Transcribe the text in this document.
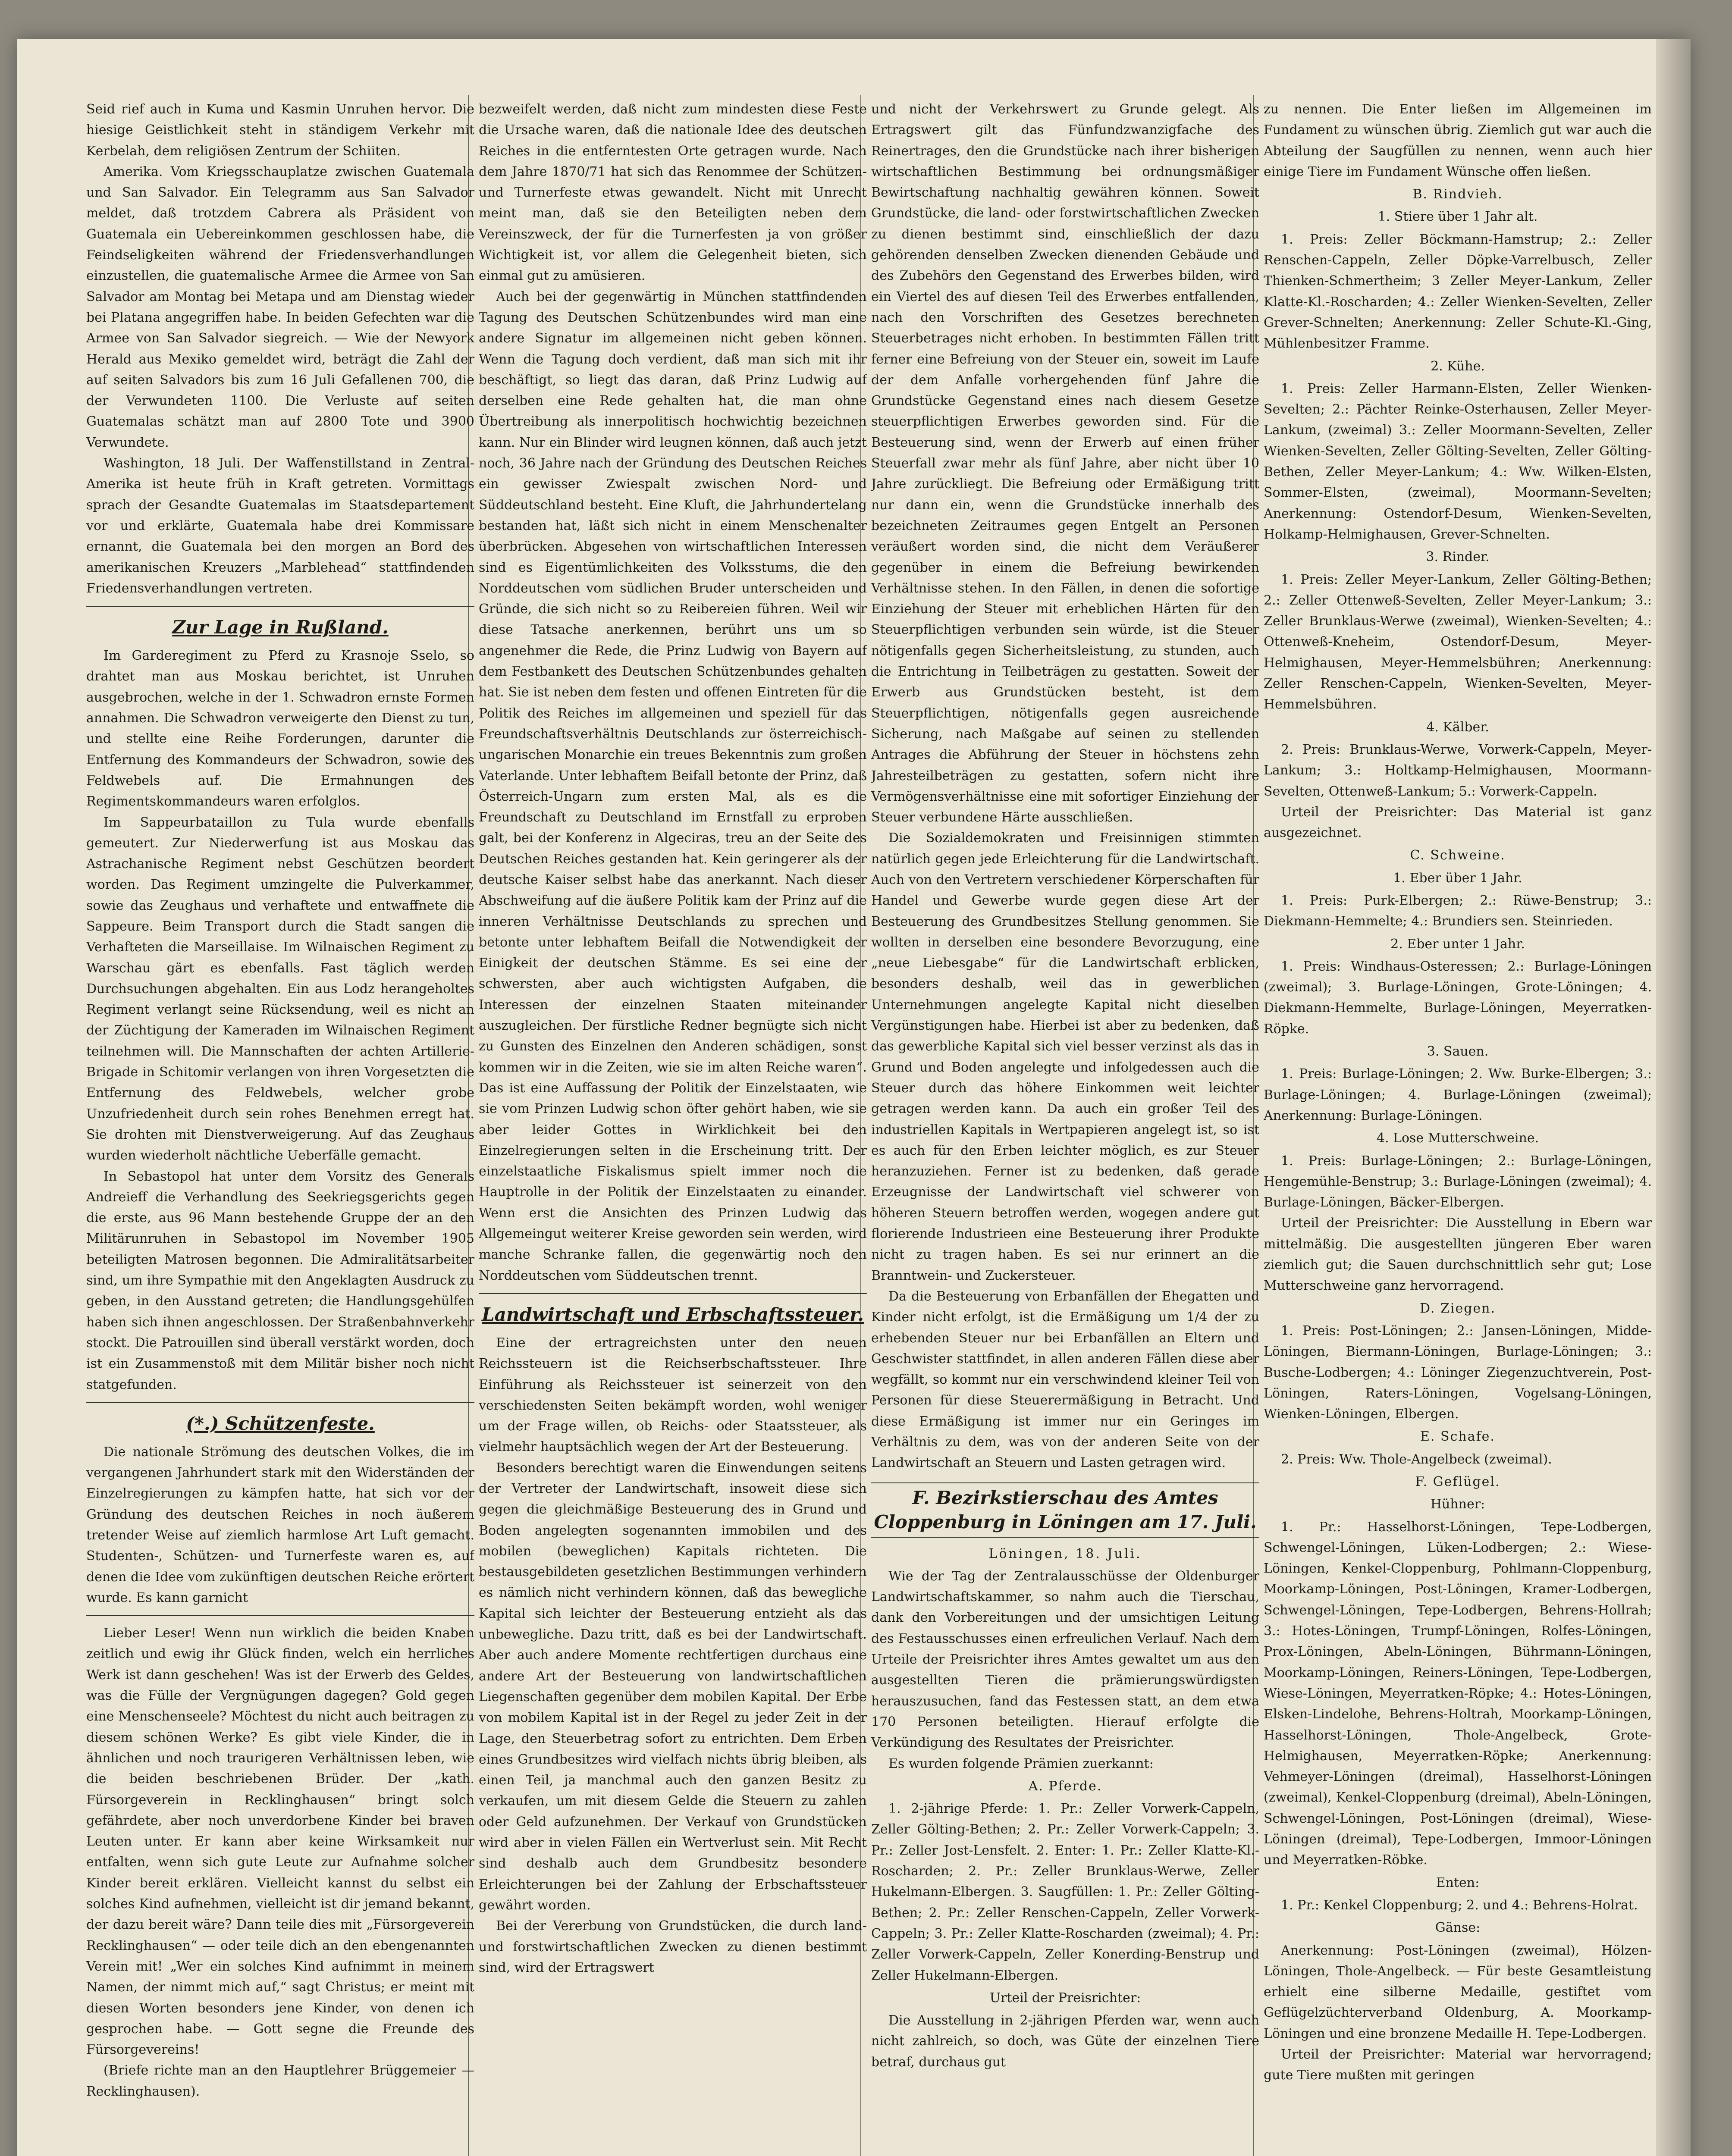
Seid rief auch in Kuma und Kasmin Unruhen hervor. Die hiesige Geistlichkeit steht in ständigem Verkehr mit Kerbelah, dem religiösen Zentrum der Schiiten.

Amerika. Vom Kriegsschauplatze zwischen Guatemala und San Salvador. Ein Telegramm aus San Salvador meldet, daß trotzdem Cabrera als Präsident von Guatemala ein Uebereinkommen geschlossen habe, die Feindseligkeiten während der Friedensverhandlungen einzustellen, die guatemalische Armee die Armee von San Salvador am Montag bei Metapa und am Dienstag wieder bei Platana angegriffen habe. In beiden Gefechten war die Armee von San Salvador siegreich. — Wie der Newyork Herald aus Mexiko gemeldet wird, beträgt die Zahl der auf seiten Salvadors bis zum 16 Juli Gefallenen 700, die der Verwundeten 1100. Die Verluste auf seiten Guatemalas schätzt man auf 2800 Tote und 3900 Verwundete.

Washington, 18 Juli. Der Waffenstillstand in Zentral-Amerika ist heute früh in Kraft getreten. Vormittags sprach der Gesandte Guatemalas im Staatsdepartement vor und erklärte, Guatemala habe drei Kommissare ernannt, die Guatemala bei den morgen an Bord des amerikanischen Kreuzers „Marblehead“ stattfindenden Friedensverhandlungen vertreten.

Zur Lage in Rußland.

Im Garderegiment zu Pferd zu Krasnoje Sselo, so drahtet man aus Moskau berichtet, ist Unruhen ausgebrochen, welche in der 1. Schwadron ernste Formen annahmen. Die Schwadron verweigerte den Dienst zu tun, und stellte eine Reihe Forderungen, darunter die Entfernung des Kommandeurs der Schwadron, sowie des Feldwebels auf. Die Ermahnungen des Regimentskommandeurs waren erfolglos.

Im Sappeurbataillon zu Tula wurde ebenfalls gemeutert. Zur Niederwerfung ist aus Moskau das Astrachanische Regiment nebst Geschützen beordert worden. Das Regiment umzingelte die Pulverkammer, sowie das Zeughaus und verhaftete und entwaffnete die Sappeure. Beim Transport durch die Stadt sangen die Verhafteten die Marseillaise. Im Wilnaischen Regiment zu Warschau gärt es ebenfalls. Fast täglich werden Durchsuchungen abgehalten. Ein aus Lodz herangeholtes Regiment verlangt seine Rücksendung, weil es nicht an der Züchtigung der Kameraden im Wilnaischen Regiment teilnehmen will. Die Mannschaften der achten Artillerie-Brigade in Schitomir verlangen von ihren Vorgesetzten die Entfernung des Feldwebels, welcher grobe Unzufriedenheit durch sein rohes Benehmen erregt hat. Sie drohten mit Dienstverweigerung. Auf das Zeughaus wurden wiederholt nächtliche Ueberfälle gemacht.

In Sebastopol hat unter dem Vorsitz des Generals Andreieff die Verhandlung des Seekriegsgerichts gegen die erste, aus 96 Mann bestehende Gruppe der an den Militärunruhen in Sebastopol im November 1905 beteiligten Matrosen begonnen. Die Admiralitätsarbeiter sind, um ihre Sympathie mit den Angeklagten Ausdruck zu geben, in den Ausstand getreten; die Handlungsgehülfen haben sich ihnen angeschlossen. Der Straßenbahnverkehr stockt. Die Patrouillen sind überall verstärkt worden, doch ist ein Zusammenstoß mit dem Militär bisher noch nicht statgefunden.

(*.) Schützenfeste.

Die nationale Strömung des deutschen Volkes, die im vergangenen Jahrhundert stark mit den Widerständen der Einzelregierungen zu kämpfen hatte, hat sich vor der Gründung des deutschen Reiches in noch äußerem tretender Weise auf ziemlich harmlose Art Luft gemacht. Studenten-, Schützen- und Turnerfeste waren es, auf denen die Idee vom zukünftigen deutschen Reiche erörtert wurde. Es kann garnicht

Lieber Leser! Wenn nun wirklich die beiden Knaben zeitlich und ewig ihr Glück finden, welch ein herrliches Werk ist dann geschehen! Was ist der Erwerb des Geldes, was die Fülle der Vergnügungen dagegen? Gold gegen eine Menschenseele? Möchtest du nicht auch beitragen zu diesem schönen Werke? Es gibt viele Kinder, die in ähnlichen und noch traurigeren Verhältnissen leben, wie die beiden beschriebenen Brüder. Der „kath. Fürsorgeverein in Recklinghausen“ bringt solch gefährdete, aber noch unverdorbene Kinder bei braven Leuten unter. Er kann aber keine Wirksamkeit nur entfalten, wenn sich gute Leute zur Aufnahme solcher Kinder bereit erklären. Vielleicht kannst du selbst ein solches Kind aufnehmen, vielleicht ist dir jemand bekannt, der dazu bereit wäre? Dann teile dies mit „Fürsorgeverein Recklinghausen“ — oder teile dich an den ebengenannten Verein mit! „Wer ein solches Kind aufnimmt in meinem Namen, der nimmt mich auf,“ sagt Christus; er meint mit diesen Worten besonders jene Kinder, von denen ich gesprochen habe. — Gott segne die Freunde des Fürsorgevereins!

(Briefe richte man an den Hauptlehrer Brüggemeier — Recklinghausen).

bezweifelt werden, daß nicht zum mindesten diese Feste die Ursache waren, daß die nationale Idee des deutschen Reiches in die entferntesten Orte getragen wurde. Nach dem Jahre 1870/71 hat sich das Renommee der Schützen- und Turnerfeste etwas gewandelt. Nicht mit Unrecht meint man, daß sie den Beteiligten neben dem Vereinszweck, der für die Turnerfesten ja von größer Wichtigkeit ist, vor allem die Gelegenheit bieten, sich einmal gut zu amüsieren.

Auch bei der gegenwärtig in München stattfindenden Tagung des Deutschen Schützenbundes wird man eine andere Signatur im allgemeinen nicht geben können. Wenn die Tagung doch verdient, daß man sich mit ihr beschäftigt, so liegt das daran, daß Prinz Ludwig auf derselben eine Rede gehalten hat, die man ohne Übertreibung als innerpolitisch hochwichtig bezeichnen kann. Nur ein Blinder wird leugnen können, daß auch jetzt noch, 36 Jahre nach der Gründung des Deutschen Reiches ein gewisser Zwiespalt zwischen Nord- und Süddeutschland besteht. Eine Kluft, die Jahrhundertelang bestanden hat, läßt sich nicht in einem Menschenalter überbrücken. Abgesehen von wirtschaftlichen Interessen sind es Eigentümlichkeiten des Volksstums, die den Norddeutschen vom südlichen Bruder unterscheiden und Gründe, die sich nicht so zu Reibereien führen. Weil wir diese Tatsache anerkennen, berührt uns um so angenehmer die Rede, die Prinz Ludwig von Bayern auf dem Festbankett des Deutschen Schützenbundes gehalten hat. Sie ist neben dem festen und offenen Eintreten für die Politik des Reiches im allgemeinen und speziell für das Freundschaftsverhältnis Deutschlands zur österreichisch-ungarischen Monarchie ein treues Bekenntnis zum großen Vaterlande. Unter lebhaftem Beifall betonte der Prinz, daß Österreich-Ungarn zum ersten Mal, als es die Freundschaft zu Deutschland im Ernstfall zu erproben galt, bei der Konferenz in Algeciras, treu an der Seite des Deutschen Reiches gestanden hat. Kein geringerer als der deutsche Kaiser selbst habe das anerkannt. Nach dieser Abschweifung auf die äußere Politik kam der Prinz auf die inneren Verhältnisse Deutschlands zu sprechen und betonte unter lebhaftem Beifall die Notwendigkeit der Einigkeit der deutschen Stämme. Es sei eine der schwersten, aber auch wichtigsten Aufgaben, die Interessen der einzelnen Staaten miteinander auszugleichen. Der fürstliche Redner begnügte sich nicht zu Gunsten des Einzelnen den Anderen schädigen, sonst kommen wir in die Zeiten, wie sie im alten Reiche waren“. Das ist eine Auffassung der Politik der Einzelstaaten, wie sie vom Prinzen Ludwig schon öfter gehört haben, wie sie aber leider Gottes in Wirklichkeit bei den Einzelregierungen selten in die Erscheinung tritt. Der einzelstaatliche Fiskalismus spielt immer noch die Hauptrolle in der Politik der Einzelstaaten zu einander. Wenn erst die Ansichten des Prinzen Ludwig das Allgemeingut weiterer Kreise geworden sein werden, wird manche Schranke fallen, die gegenwärtig noch den Norddeutschen vom Süddeutschen trennt.

Landwirtschaft und Erbschaftssteuer.

Eine der ertragreichsten unter den neuen Reichssteuern ist die Reichserbschaftssteuer. Ihre Einführung als Reichssteuer ist seinerzeit von den verschiedensten Seiten bekämpft worden, wohl weniger um der Frage willen, ob Reichs- oder Staatssteuer, als vielmehr hauptsächlich wegen der Art der Besteuerung.

Besonders berechtigt waren die Einwendungen seitens der Vertreter der Landwirtschaft, insoweit diese sich gegen die gleichmäßige Besteuerung des in Grund und Boden angelegten sogenannten immobilen und des mobilen (beweglichen) Kapitals richteten. Die bestausgebildeten gesetzlichen Bestimmungen verhindern es nämlich nicht verhindern können, daß das bewegliche Kapital sich leichter der Besteuerung entzieht als das unbewegliche. Dazu tritt, daß es bei der Landwirtschaft. Aber auch andere Momente rechtfertigen durchaus eine andere Art der Besteuerung von landwirtschaftlichen Liegenschaften gegenüber dem mobilen Kapital. Der Erbe von mobilem Kapital ist in der Regel zu jeder Zeit in der Lage, den Steuerbetrag sofort zu entrichten. Dem Erben eines Grundbesitzes wird vielfach nichts übrig bleiben, als einen Teil, ja manchmal auch den ganzen Besitz zu verkaufen, um mit diesem Gelde die Steuern zu zahlen oder Geld aufzunehmen. Der Verkauf von Grundstücken wird aber in vielen Fällen ein Wertverlust sein. Mit Recht sind deshalb auch dem Grundbesitz besondere Erleichterungen bei der Zahlung der Erbschaftssteuer gewährt worden.

Bei der Vererbung von Grundstücken, die durch land- und forstwirtschaftlichen Zwecken zu dienen bestimmt sind, wird der Ertragswert

und nicht der Verkehrswert zu Grunde gelegt. Als Ertragswert gilt das Fünfundzwanzigfache des Reinertrages, den die Grundstücke nach ihrer bisherigen wirtschaftlichen Bestimmung bei ordnungsmäßiger Bewirtschaftung nachhaltig gewähren können. Soweit Grundstücke, die land- oder forstwirtschaftlichen Zwecken zu dienen bestimmt sind, einschließlich der dazu gehörenden denselben Zwecken dienenden Gebäude und des Zubehörs den Gegenstand des Erwerbes bilden, wird ein Viertel des auf diesen Teil des Erwerbes entfallenden, nach den Vorschriften des Gesetzes berechneten Steuerbetrages nicht erhoben. In bestimmten Fällen tritt ferner eine Befreiung von der Steuer ein, soweit im Laufe der dem Anfalle vorhergehenden fünf Jahre die Grundstücke Gegenstand eines nach diesem Gesetze steuerpflichtigen Erwerbes geworden sind. Für die Besteuerung sind, wenn der Erwerb auf einen früher Steuerfall zwar mehr als fünf Jahre, aber nicht über 10 Jahre zurückliegt. Die Befreiung oder Ermäßigung tritt nur dann ein, wenn die Grundstücke innerhalb des bezeichneten Zeitraumes gegen Entgelt an Personen veräußert worden sind, die nicht dem Veräußerer gegenüber in einem die Befreiung bewirkenden Verhältnisse stehen. In den Fällen, in denen die sofortige Einziehung der Steuer mit erheblichen Härten für den Steuerpflichtigen verbunden sein würde, ist die Steuer nötigenfalls gegen Sicherheitsleistung, zu stunden, auch die Entrichtung in Teilbeträgen zu gestatten. Soweit der Erwerb aus Grundstücken besteht, ist dem Steuerpflichtigen, nötigenfalls gegen ausreichende Sicherung, nach Maßgabe auf seinen zu stellenden Antrages die Abführung der Steuer in höchstens zehn Jahresteilbeträgen zu gestatten, sofern nicht ihre Vermögensverhältnisse eine mit sofortiger Einziehung der Steuer verbundene Härte ausschließen.

Die Sozialdemokraten und Freisinnigen stimmten natürlich gegen jede Erleichterung für die Landwirtschaft. Auch von den Vertretern verschiedener Körperschaften für Handel und Gewerbe wurde gegen diese Art der Besteuerung des Grundbesitzes Stellung genommen. Sie wollten in derselben eine besondere Bevorzugung, eine „neue Liebesgabe“ für die Landwirtschaft erblicken, besonders deshalb, weil das in gewerblichen Unternehmungen angelegte Kapital nicht dieselben Vergünstigungen habe. Hierbei ist aber zu bedenken, daß das gewerbliche Kapital sich viel besser verzinst als das in Grund und Boden angelegte und infolgedessen auch die Steuer durch das höhere Einkommen weit leichter getragen werden kann. Da auch ein großer Teil des industriellen Kapitals in Wertpapieren angelegt ist, so ist es auch für den Erben leichter möglich, es zur Steuer heranzuziehen. Ferner ist zu bedenken, daß gerade Erzeugnisse der Landwirtschaft viel schwerer von höheren Steuern betroffen werden, wogegen andere gut florierende Industrieen eine Besteuerung ihrer Produkte nicht zu tragen haben. Es sei nur erinnert an die Branntwein- und Zuckersteuer.

Da die Besteuerung von Erbanfällen der Ehegatten und Kinder nicht erfolgt, ist die Ermäßigung um 1/4 der zu erhebenden Steuer nur bei Erbanfällen an Eltern und Geschwister stattfindet, in allen anderen Fällen diese aber wegfällt, so kommt nur ein verschwindend kleiner Teil von Personen für diese Steuerermäßigung in Betracht. Und diese Ermäßigung ist immer nur ein Geringes im Verhältnis zu dem, was von der anderen Seite von der Landwirtschaft an Steuern und Lasten getragen wird.

F. Bezirkstierschau des Amtes Cloppenburg in Löningen am 17. Juli.
Löningen, 18. Juli.

Wie der Tag der Zentralausschüsse der Oldenburger Landwirtschaftskammer, so nahm auch die Tierschau, dank den Vorbereitungen und der umsichtigen Leitung des Festausschusses einen erfreulichen Verlauf. Nach dem Urteile der Preisrichter ihres Amtes gewaltet um aus den ausgestellten Tieren die prämierungswürdigsten herauszusuchen, fand das Festessen statt, an dem etwa 170 Personen beteiligten. Hierauf erfolgte die Verkündigung des Resultates der Preisrichter.

Es wurden folgende Prämien zuerkannt:

A. Pferde.

1. 2-jährige Pferde: 1. Pr.: Zeller Vorwerk-Cappeln, Zeller Gölting-Bethen; 2. Pr.: Zeller Vorwerk-Cappeln; 3. Pr.: Zeller Jost-Lensfelt. 2. Enter: 1. Pr.: Zeller Klatte-Kl.-Roscharden; 2. Pr.: Zeller Brunklaus-Werwe, Zeller Hukelmann-Elbergen. 3. Saugfüllen: 1. Pr.: Zeller Gölting-Bethen; 2. Pr.: Zeller Renschen-Cappeln, Zeller Vorwerk-Cappeln; 3. Pr.: Zeller Klatte-Roscharden (zweimal); 4. Pr.: Zeller Vorwerk-Cappeln, Zeller Konerding-Benstrup und Zeller Hukelmann-Elbergen.

Urteil der Preisrichter:

Die Ausstellung in 2-jährigen Pferden war, wenn auch nicht zahlreich, so doch, was Güte der einzelnen Tiere betraf, durchaus gut

zu nennen. Die Enter ließen im Allgemeinen im Fundament zu wünschen übrig. Ziemlich gut war auch die Abteilung der Saugfüllen zu nennen, wenn auch hier einige Tiere im Fundament Wünsche offen ließen.

B. Rindvieh.
1. Stiere über 1 Jahr alt.

1. Preis: Zeller Böckmann-Hamstrup; 2.: Zeller Renschen-Cappeln, Zeller Döpke-Varrelbusch, Zeller Thienken-Schmertheim; 3 Zeller Meyer-Lankum, Zeller Klatte-Kl.-Roscharden; 4.: Zeller Wienken-Sevelten, Zeller Grever-Schnelten; Anerkennung: Zeller Schute-Kl.-Ging, Mühlenbesitzer Framme.

2. Kühe.

1. Preis: Zeller Harmann-Elsten, Zeller Wienken-Sevelten; 2.: Pächter Reinke-Osterhausen, Zeller Meyer-Lankum, (zweimal) 3.: Zeller Moormann-Sevelten, Zeller Wienken-Sevelten, Zeller Gölting-Sevelten, Zeller Gölting-Bethen, Zeller Meyer-Lankum; 4.: Ww. Wilken-Elsten, Sommer-Elsten, (zweimal), Moormann-Sevelten; Anerkennung: Ostendorf-Desum, Wienken-Sevelten, Holkamp-Helmighausen, Grever-Schnelten.

3. Rinder.

1. Preis: Zeller Meyer-Lankum, Zeller Gölting-Bethen; 2.: Zeller Ottenweß-Sevelten, Zeller Meyer-Lankum; 3.: Zeller Brunklaus-Werwe (zweimal), Wienken-Sevelten; 4.: Ottenweß-Kneheim, Ostendorf-Desum, Meyer-Helmighausen, Meyer-Hemmelsbühren; Anerkennung: Zeller Renschen-Cappeln, Wienken-Sevelten, Meyer-Hemmelsbühren.

4. Kälber.

2. Preis: Brunklaus-Werwe, Vorwerk-Cappeln, Meyer-Lankum; 3.: Holtkamp-Helmighausen, Moormann-Sevelten, Ottenweß-Lankum; 5.: Vorwerk-Cappeln.

Urteil der Preisrichter: Das Material ist ganz ausgezeichnet.

C. Schweine.
1. Eber über 1 Jahr.

1. Preis: Purk-Elbergen; 2.: Rüwe-Benstrup; 3.: Diekmann-Hemmelte; 4.: Brundiers sen. Steinrieden.

2. Eber unter 1 Jahr.

1. Preis: Windhaus-Osteressen; 2.: Burlage-Löningen (zweimal); 3. Burlage-Löningen, Grote-Löningen; 4. Diekmann-Hemmelte, Burlage-Löningen, Meyerratken-Röpke.

3. Sauen.

1. Preis: Burlage-Löningen; 2. Ww. Burke-Elbergen; 3.: Burlage-Löningen; 4. Burlage-Löningen (zweimal); Anerkennung: Burlage-Löningen.

4. Lose Mutterschweine.

1. Preis: Burlage-Löningen; 2.: Burlage-Löningen, Hengemühle-Benstrup; 3.: Burlage-Löningen (zweimal); 4. Burlage-Löningen, Bäcker-Elbergen.

Urteil der Preisrichter: Die Ausstellung in Ebern war mittelmäßig. Die ausgestellten jüngeren Eber waren ziemlich gut; die Sauen durchschnittlich sehr gut; Lose Mutterschweine ganz hervorragend.

D. Ziegen.

1. Preis: Post-Löningen; 2.: Jansen-Löningen, Midde-Löningen, Biermann-Löningen, Burlage-Löningen; 3.: Busche-Lodbergen; 4.: Löninger Ziegenzuchtverein, Post-Löningen, Raters-Löningen, Vogelsang-Löningen, Wienken-Löningen, Elbergen.

E. Schafe.

2. Preis: Ww. Thole-Angelbeck (zweimal).

F. Geflügel.
Hühner:

1. Pr.: Hasselhorst-Löningen, Tepe-Lodbergen, Schwengel-Löningen, Lüken-Lodbergen; 2.: Wiese-Löningen, Kenkel-Cloppenburg, Pohlmann-Cloppenburg, Moorkamp-Löningen, Post-Löningen, Kramer-Lodbergen, Schwengel-Löningen, Tepe-Lodbergen, Behrens-Hollrah; 3.: Hotes-Löningen, Trumpf-Löningen, Rolfes-Löningen, Prox-Löningen, Abeln-Löningen, Bührmann-Löningen, Moorkamp-Löningen, Reiners-Löningen, Tepe-Lodbergen, Wiese-Löningen, Meyerratken-Röpke; 4.: Hotes-Löningen, Elsken-Lindelohe, Behrens-Holtrah, Moorkamp-Löningen, Hasselhorst-Löningen, Thole-Angelbeck, Grote-Helmighausen, Meyerratken-Röpke; Anerkennung: Vehmeyer-Löningen (dreimal), Hasselhorst-Löningen (zweimal), Kenkel-Cloppenburg (dreimal), Abeln-Löningen, Schwengel-Löningen, Post-Löningen (dreimal), Wiese-Löningen (dreimal), Tepe-Lodbergen, Immoor-Löningen und Meyerratken-Röbke.

Enten:

1. Pr.: Kenkel Cloppenburg; 2. und 4.: Behrens-Holrat.

Gänse:

Anerkennung: Post-Löningen (zweimal), Hölzen-Löningen, Thole-Angelbeck. — Für beste Gesamtleistung erhielt eine silberne Medaille, gestiftet vom Geflügelzüchterverband Oldenburg, A. Moorkamp-Löningen und eine bronzene Medaille H. Tepe-Lodbergen.

Urteil der Preisrichter: Material war hervorragend; gute Tiere mußten mit geringen
